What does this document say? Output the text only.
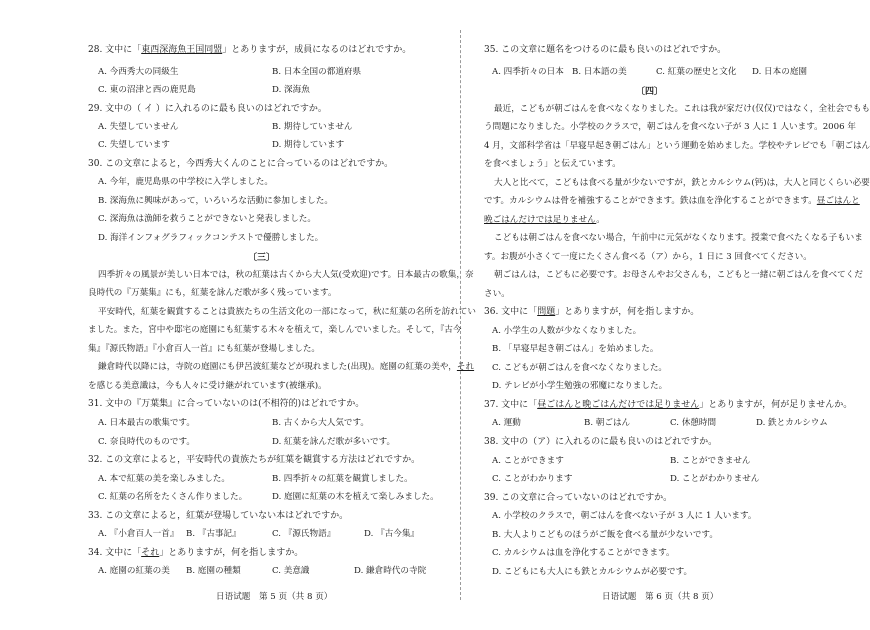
28. 文中に「東西深海魚王国同盟」とありますが，成員になるのはどれですか。
A. 今西秀大の同級生	B. 日本全国の都道府県
C. 東の沼津と西の鹿児島	D. 深海魚
29. 文中の（ イ ）に入れるのに最も良いのはどれですか。
A. 失望していません	B. 期待していません
C. 失望しています	D. 期待しています
30. この文章によると，今西秀大くんのことに合っているのはどれですか。
A. 今年，鹿児島県の中学校に入学しました。
B. 深海魚に興味があって，いろいろな活動に参加しました。
C. 深海魚は漁師を救うことができないと発表しました。
D. 海洋インフォグラフィックコンテストで優勝しました。
〔三〕
四季折々の風景が美しい日本では，秋の紅葉は古くから大人気(受欢迎)です。日本最古の歌集，奈
良時代の『万葉集』にも，紅葉を詠んだ歌が多く残っています。
平安時代，紅葉を観賞することは貴族たちの生活文化の一部になって，秋に紅葉の名所を訪れてい
ました。また，宮中や邸宅の庭園にも紅葉する木々を植えて，楽しんでいました。そして，『古今
集』『源氏物語』『小倉百人一首』にも紅葉が登場しました。
鎌倉時代以降には，寺院の庭園にも伊呂波紅葉などが現れました(出现)。庭園の紅葉の美や，それ
を感じる美意識は，今も人々に受け継がれています(被继承)。
31. 文中の『万葉集』に合っていないのは(不相符的)はどれですか。
A. 日本最古の歌集です。	B. 古くから大人気です。
C. 奈良時代のものです。	D. 紅葉を詠んだ歌が多いです。
32. この文章によると，平安時代の貴族たちが紅葉を観賞する方法はどれですか。
A. 本で紅葉の美を楽しみました。	B. 四季折々の紅葉を観賞しました。
C. 紅葉の名所をたくさん作りました。	D. 庭園に紅葉の木を植えて楽しみました。
33. この文章によると，紅葉が登場していない本はどれですか。
A. 『小倉百人一首』 B. 『古事記』	C. 『源氏物語』	D. 『古今集』
34. 文中に「それ」とありますが，何を指しますか。
A. 庭園の紅葉の美 B. 庭園の種類	C. 美意識	D. 鎌倉時代の寺院
日语试题　第 5 页（共 8 页）
35. この文章に題名をつけるのに最も良いのはどれですか。
A. 四季折々の日本 B. 日本語の美	C. 紅葉の歴史と文化 D. 日本の庭園
〔四〕
最近，こどもが朝ごはんを食べなくなりました。これは我が家だけ(仅仅)ではなく，全社会でもも
う問題になりました。小学校のクラスで，朝ごはんを食べない子が 3 人に 1 人います。2006 年
4 月，文部科学省は「早寝早起き朝ごはん」という運動を始めました。学校やテレビでも「朝ごはん
を食べましょう」と伝えています。
大人と比べて，こどもは食べる量が少ないですが，鉄とカルシウム(钙)は，大人と同じくらい必要
です。カルシウムは骨を補強することができます。鉄は血を浄化することができます。昼ごはんと
晩ごはんだけでは足りません。
こどもは朝ごはんを食べない場合，午前中に元気がなくなります。授業で食べたくなる子もいま
す。お腹が小さくて一度にたくさん食べる（ア）から，1 日に 3 回食べてください。
朝ごはんは，こどもに必要です。お母さんやお父さんも，こどもと一緒に朝ごはんを食べてくだ
さい。
36. 文中に「問題」とありますが，何を指しますか。
A. 小学生の人数が少なくなりました。
B. 「早寝早起き朝ごはん」を始めました。
C. こどもが朝ごはんを食べなくなりました。
D. テレビが小学生勉強の邪魔になりました。
37. 文中に「昼ごはんと晩ごはんだけでは足りません」とありますが，何が足りませんか。
A. 運動	B. 朝ごはん	C. 休憩時間	D. 鉄とカルシウム
38. 文中の（ア）に入れるのに最も良いのはどれですか。
A. ことができます	B. ことができません
C. ことがわかります	D. ことがわかりません
39. この文章に合っていないのはどれですか。
A. 小学校のクラスで，朝ごはんを食べない子が 3 人に 1 人います。
B. 大人よりこどものほうがご飯を食べる量が少ないです。
C. カルシウムは血を浄化することができます。
D. こどもにも大人にも鉄とカルシウムが必要です。
日语试题　第 6 页（共 8 页）
